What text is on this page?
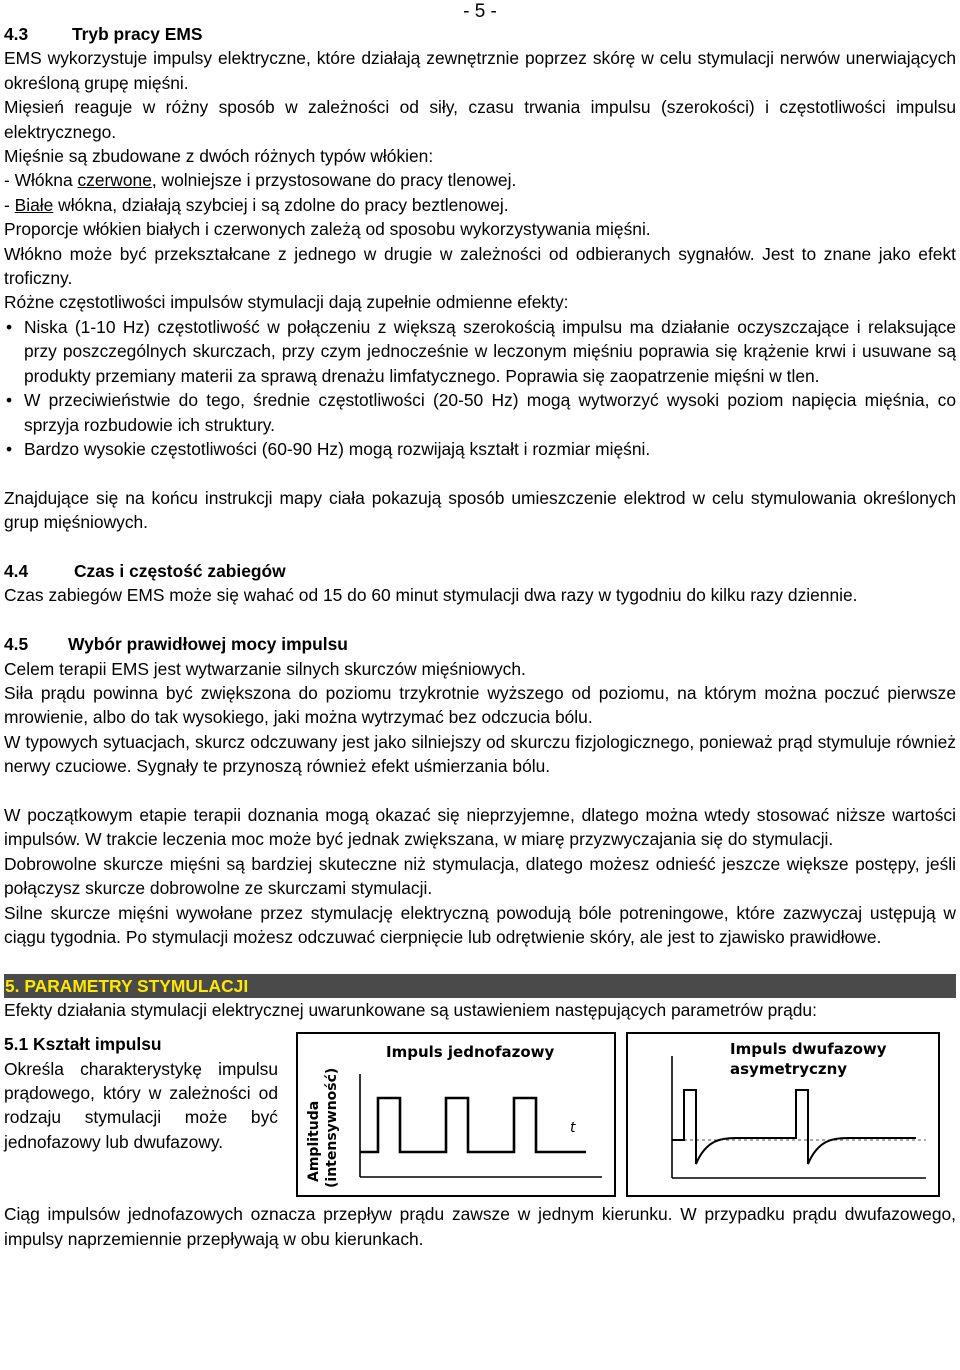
- 5 -
4.3	Tryb pracy EMS

EMS wykorzystuje impulsy elektryczne, które działają zewnętrznie poprzez skórę w celu stymulacji nerwów unerwiających określoną grupę mięśni.

Mięsień reaguje w różny sposób w zależności od siły, czasu trwania impulsu (szerokości) i częstotliwości impulsu elektrycznego.

Mięśnie są zbudowane z dwóch różnych typów włókien:

- Włókna czerwone, wolniejsze i przystosowane do pracy tlenowej.

- Białe włókna, działają szybciej i są zdolne do pracy beztlenowej.

Proporcje włókien białych i czerwonych zależą od sposobu wykorzystywania mięśni.

Włókno może być przekształcane z jednego w drugie w zależności od odbieranych sygnałów. Jest to znane jako efekt troficzny.

Różne częstotliwości impulsów stymulacji dają zupełnie odmienne efekty:

• Niska (1-10 Hz) częstotliwość w połączeniu z większą szerokością impulsu ma działanie oczyszczające i relaksujące przy poszczególnych skurczach, przy czym jednocześnie w leczonym mięśniu poprawia się krążenie krwi i usuwane są produkty przemiany materii za sprawą drenażu limfatycznego. Poprawia się zaopatrzenie mięśni w tlen.
• W przeciwieństwie do tego, średnie częstotliwości (20-50 Hz) mogą wytworzyć wysoki poziom napięcia mięśnia, co sprzyja rozbudowie ich struktury.
• Bardzo wysokie częstotliwości (60-90 Hz) mogą rozwijają kształt i rozmiar mięśni.

Znajdujące się na końcu instrukcji mapy ciała pokazują sposób umieszczenie elektrod w celu stymulowania określonych grup mięśniowych.

4.4	Czas i częstość zabiegów

Czas zabiegów EMS może się wahać od 15 do 60 minut stymulacji dwa razy w tygodniu do kilku razy dziennie.

4.5 Wybór prawidłowej mocy impulsu

Celem terapii EMS jest wytwarzanie silnych skurczów mięśniowych.

Siła prądu powinna być zwiększona do poziomu trzykrotnie wyższego od poziomu, na którym można poczuć pierwsze mrowienie, albo do tak wysokiego, jaki można wytrzymać bez odczucia bólu.

W typowych sytuacjach, skurcz odczuwany jest jako silniejszy od skurczu fizjologicznego, ponieważ prąd stymuluje również nerwy czuciowe. Sygnały te przynoszą również efekt uśmierzania bólu.

W początkowym etapie terapii doznania mogą okazać się nieprzyjemne, dlatego można wtedy stosować niższe wartości impulsów. W trakcie leczenia moc może być jednak zwiększana, w miarę przyzwyczajania się do stymulacji.

Dobrowolne skurcze mięśni są bardziej skuteczne niż stymulacja, dlatego możesz odnieść jeszcze większe postępy, jeśli połączysz skurcze dobrowolne ze skurczami stymulacji.

Silne skurcze mięśni wywołane przez stymulację elektryczną powodują bóle potreningowe, które zazwyczaj ustępują w ciągu tygodnia. Po stymulacji możesz odczuwać cierpnięcie lub odrętwienie skóry, ale jest to zjawisko prawidłowe.

5. PARAMETRY STYMULACJI

Efekty działania stymulacji elektrycznej uwarunkowane są ustawieniem następujących parametrów prądu:

5.1 Kształt impulsu

Określa charakterystykę impulsu prądowego, który w zależności od rodzaju stymulacji może być jednofazowy lub dwufazowy.

Impuls jednofazowy
Amplituda (intensywność)	t
Impuls dwufazowy
asymetryczny

Ciąg impulsów jednofazowych oznacza przepływ prądu zawsze w jednym kierunku. W przypadku prądu dwufazowego, impulsy naprzemiennie przepływają w obu kierunkach.
